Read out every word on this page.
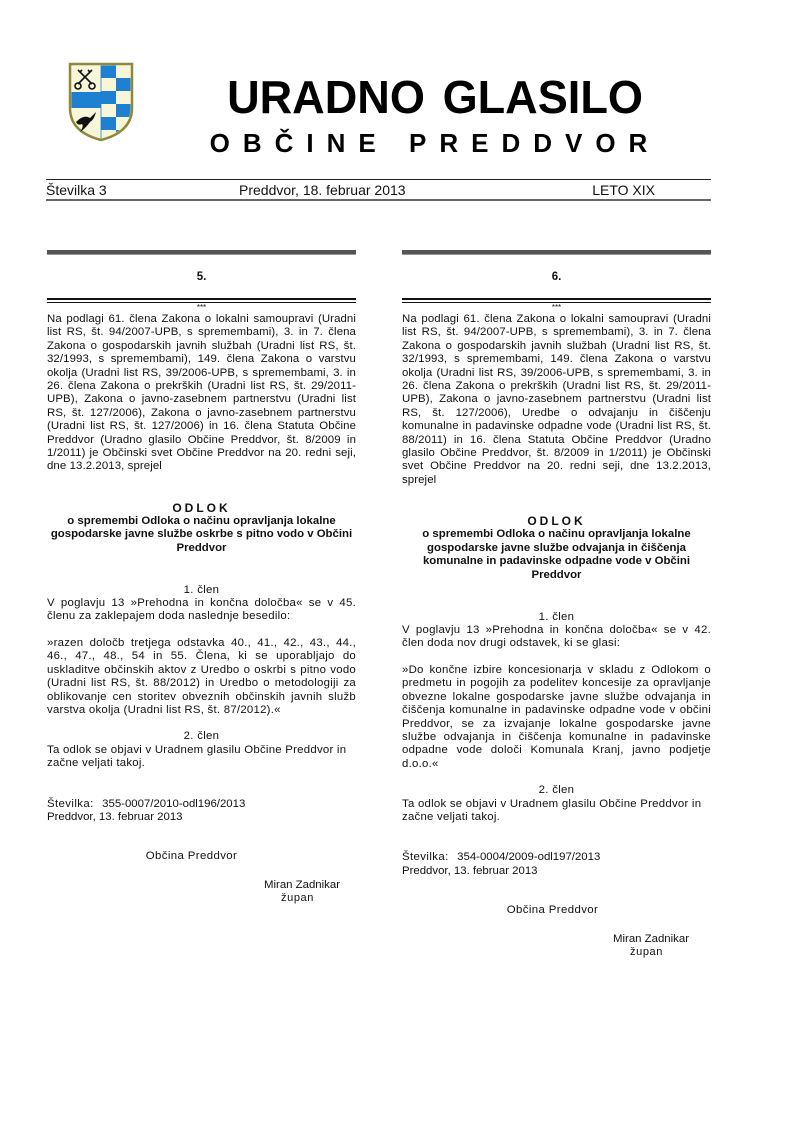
URADNO GLASILO
OBČINE PREDDVOR
Številka 3	Preddvor, 18. februar 2013	LETO XIX
5.
***

Na podlagi 61. člena Zakona o lokalni samoupravi (Uradni list RS, št. 94/2007-UPB, s spremembami), 3. in 7. člena Zakona o gospodarskih javnih službah (Uradni list RS, št. 32/1993, s spremembami), 149. člena Zakona o varstvu okolja (Uradni list RS, 39/2006-UPB, s spremembami, 3. in 26. člena Zakona o prekrških (Uradni list RS, št. 29/2011-UPB), Zakona o javno-zasebnem partnerstvu (Uradni list RS, št. 127/2006), Zakona o javno-zasebnem partnerstvu (Uradni list RS, št. 127/2006) in 16. člena Statuta Občine Preddvor (Uradno glasilo Občine Preddvor, št. 8/2009 in 1/2011) je Občinski svet Občine Preddvor na 20. redni seji, dne 13.2.2013, sprejel

ODLOK
o spremembi Odloka o načinu opravljanja lokalne gospodarske javne službe oskrbe s pitno vodo v Občini Preddvor
1. člen

V poglavju 13 »Prehodna in končna določba« se v 45. členu za zaklepajem doda naslednje besedilo:

»razen določb tretjega odstavka 40., 41., 42., 43., 44., 46., 47., 48., 54 in 55. Člena, ki se uporabljajo do uskladitve občinskih aktov z Uredbo o oskrbi s pitno vodo (Uradni list RS, št. 88/2012) in Uredbo o metodologiji za oblikovanje cen storitev obveznih občinskih javnih služb varstva okolja (Uradni list RS, št. 87/2012).«

2. člen

Ta odlok se objavi v Uradnem glasilu Občine Preddvor in začne veljati takoj.

Številka: 355-0007/2010-odl196/2013
Preddvor, 13. februar 2013
Občina Preddvor
Miran Zadnikar
župan
6.
***

Na podlagi 61. člena Zakona o lokalni samoupravi (Uradni list RS, št. 94/2007-UPB, s spremembami), 3. in 7. člena Zakona o gospodarskih javnih službah (Uradni list RS, št. 32/1993, s spremembami, 149. člena Zakona o varstvu okolja (Uradni list RS, 39/2006-UPB, s spremembami, 3. in 26. člena Zakona o prekrških (Uradni list RS, št. 29/2011-UPB), Zakona o javno-zasebnem partnerstvu (Uradni list RS, št. 127/2006), Uredbe o odvajanju in čiščenju komunalne in padavinske odpadne vode (Uradni list RS, št. 88/2011) in 16. člena Statuta Občine Preddvor (Uradno glasilo Občine Preddvor, št. 8/2009 in 1/2011) je Občinski svet Občine Preddvor na 20. redni seji, dne 13.2.2013, sprejel

ODLOK
o spremembi Odloka o načinu opravljanja lokalne gospodarske javne službe odvajanja in čiščenja komunalne in padavinske odpadne vode v Občini Preddvor
1. člen

V poglavju 13 »Prehodna in končna določba« se v 42. člen doda nov drugi odstavek, ki se glasi:

»Do končne izbire koncesionarja v skladu z Odlokom o predmetu in pogojih za podelitev koncesije za opravljanje obvezne lokalne gospodarske javne službe odvajanja in čiščenja komunalne in padavinske odpadne vode v občini Preddvor, se za izvajanje lokalne gospodarske javne službe odvajanja in čiščenja komunalne in padavinske odpadne vode določi Komunala Kranj, javno podjetje d.o.o.«

2. člen

Ta odlok se objavi v Uradnem glasilu Občine Preddvor in začne veljati takoj.

Številka: 354-0004/2009-odl197/2013
Preddvor, 13. februar 2013
Občina Preddvor
Miran Zadnikar
župan
